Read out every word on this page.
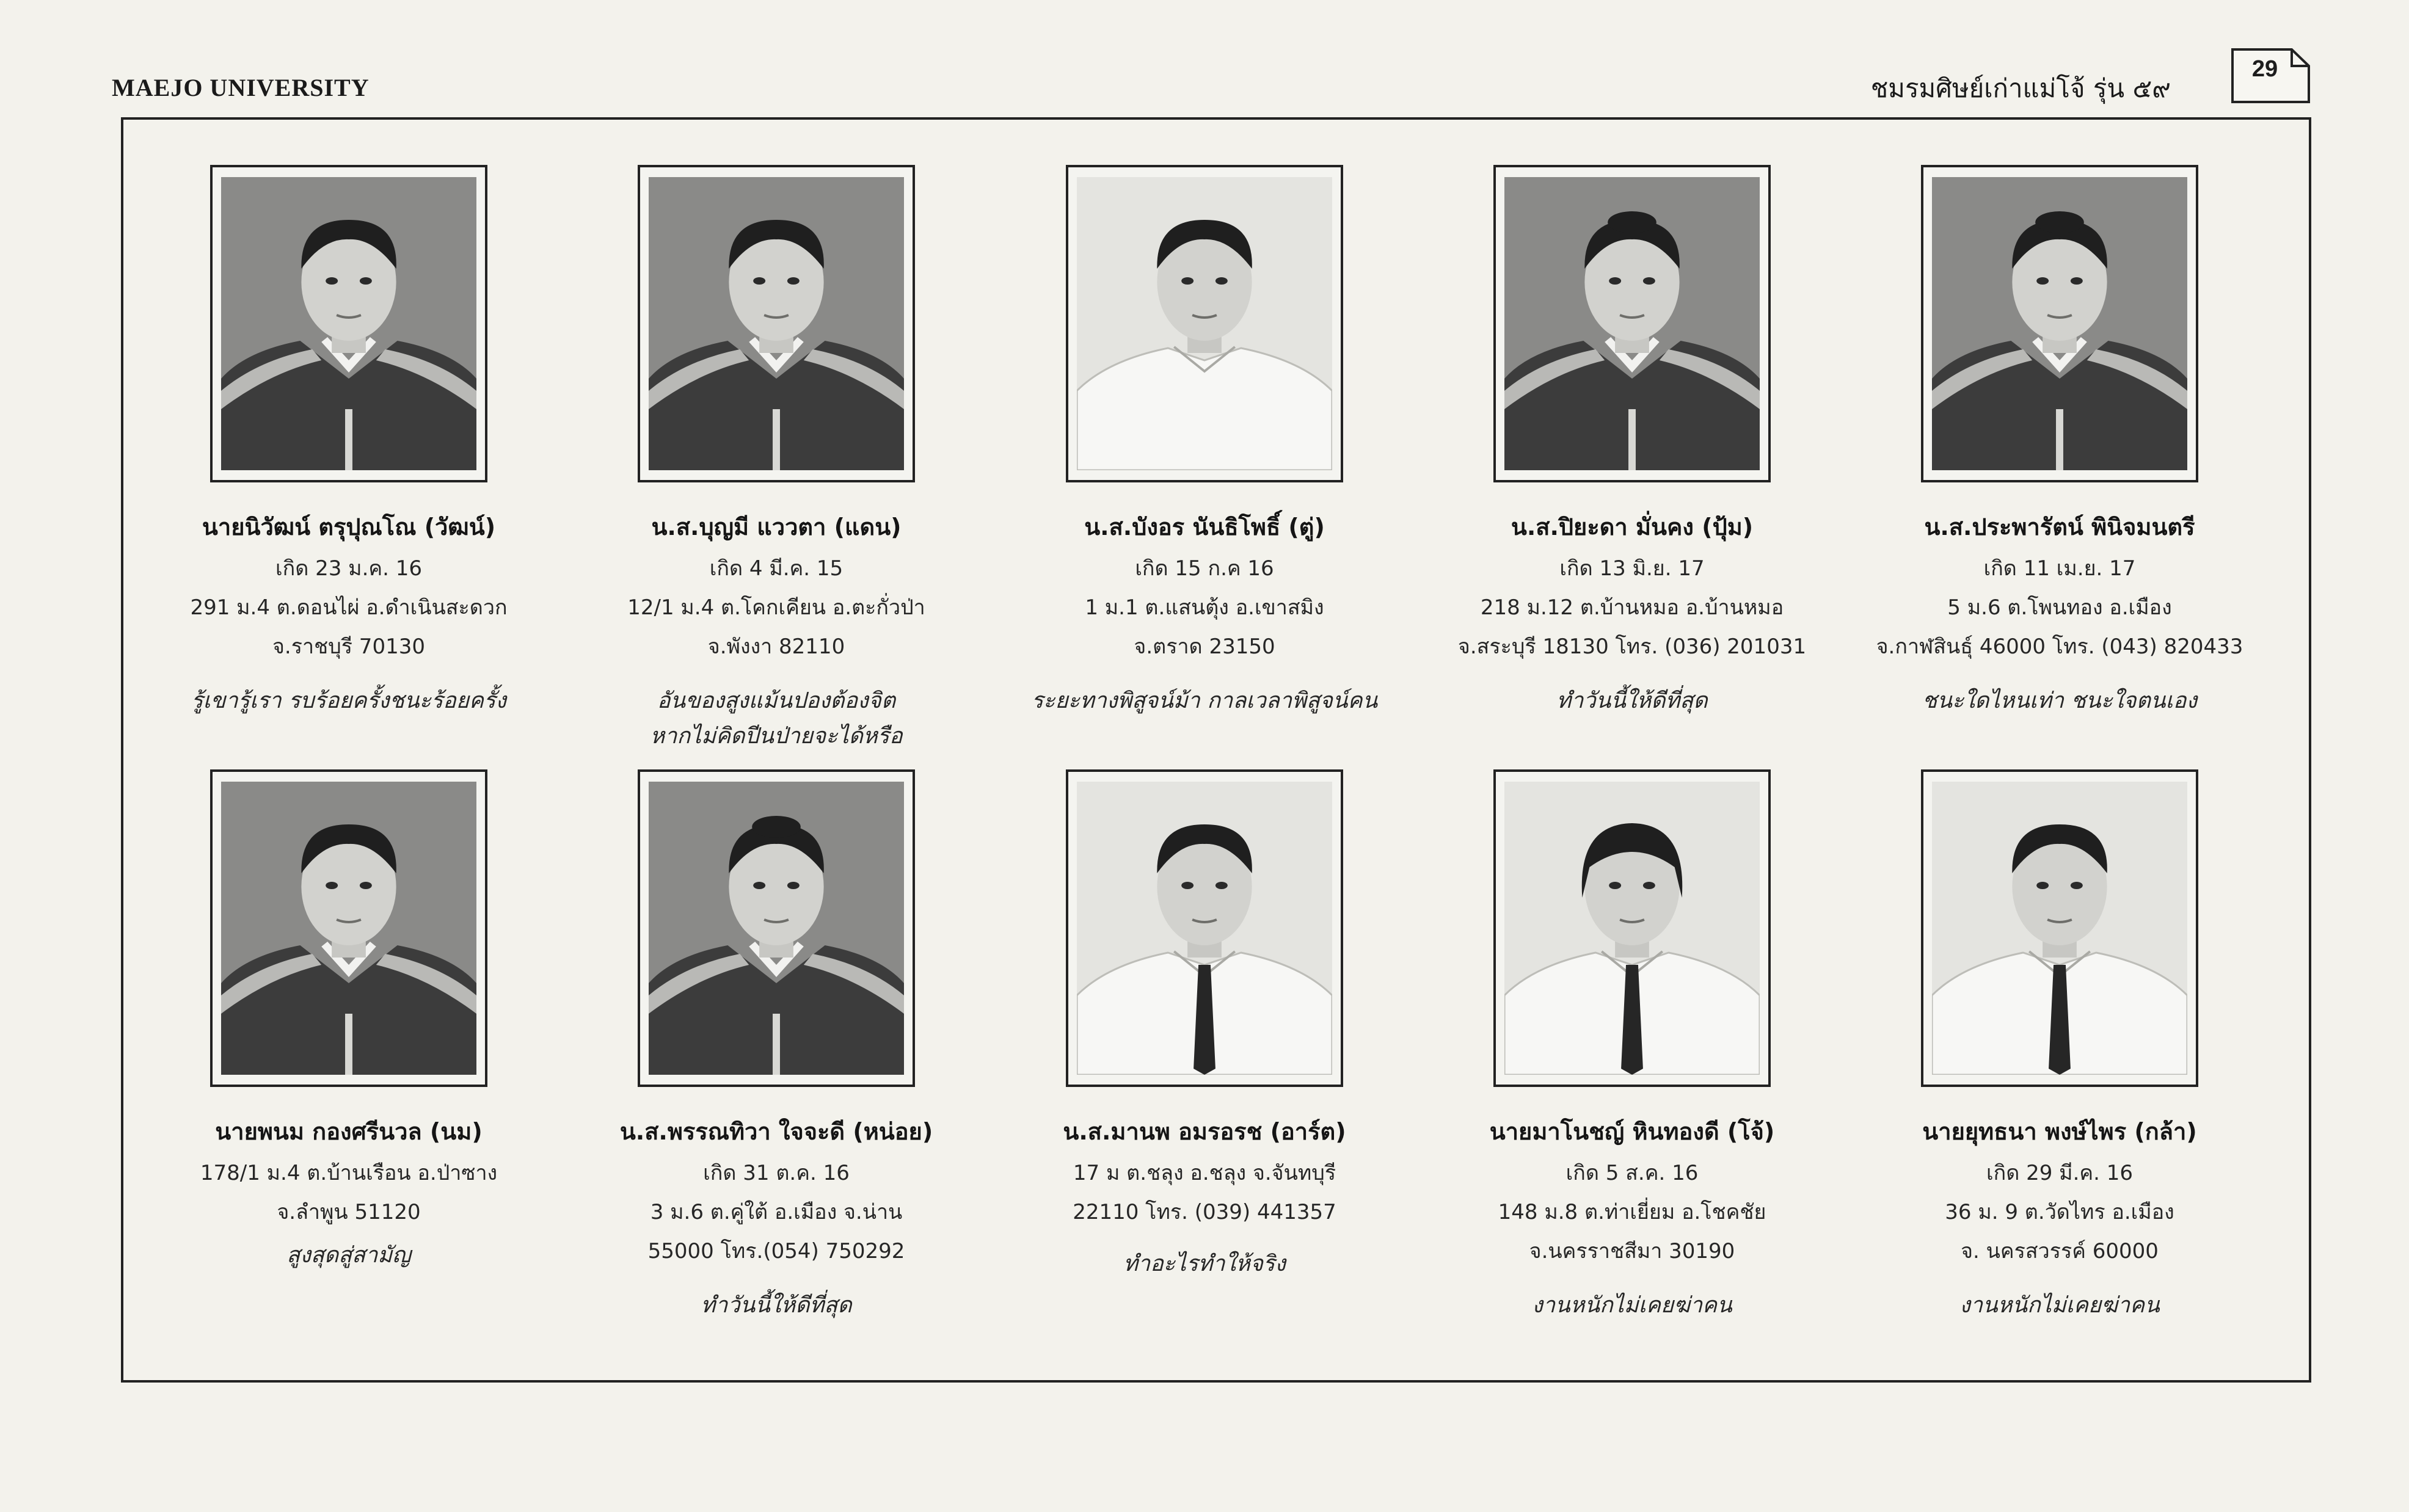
MAEJO UNIVERSITY	ชมรมศิษย์เก่าแม่โจ้ รุ่น ๕๙
29
นายนิวัฒน์ ตรุปุณโณ (วัฒน์)
เกิด 23 ม.ค. 16
291 ม.4 ต.ดอนไผ่ อ.ดำเนินสะดวก
จ.ราชบุรี 70130
รู้เขารู้เรา รบร้อยครั้งชนะร้อยครั้ง
น.ส.บุญมี แววตา (แดน)
เกิด 4 มี.ค. 15
12/1 ม.4 ต.โคกเคียน อ.ตะกั่วป่า
จ.พังงา 82110
อันของสูงแม้นปองต้องจิต
หากไม่คิดปีนป่ายจะได้หรือ
น.ส.บังอร นันธิโพธิ์ (ตู่)
เกิด 15 ก.ค 16
1 ม.1 ต.แสนตุ้ง อ.เขาสมิง
จ.ตราด 23150
ระยะทางพิสูจน์ม้า กาลเวลาพิสูจน์คน
น.ส.ปิยะดา มั่นคง (ปุ้ม)
เกิด 13 มิ.ย. 17
218 ม.12 ต.บ้านหมอ อ.บ้านหมอ
จ.สระบุรี 18130 โทร. (036) 201031
ทำวันนี้ให้ดีที่สุด
น.ส.ประพารัตน์ พินิจมนตรี
เกิด 11 เม.ย. 17
5 ม.6 ต.โพนทอง อ.เมือง
จ.กาฬสินธุ์ 46000 โทร. (043) 820433
ชนะใดไหนเท่า ชนะใจตนเอง
นายพนม กองศรีนวล (นม)
178/1 ม.4 ต.บ้านเรือน อ.ป่าซาง
จ.ลำพูน 51120
สูงสุดสู่สามัญ
น.ส.พรรณทิวา ใจจะดี (หน่อย)
เกิด 31 ต.ค. 16
3 ม.6 ต.คู่ใต้ อ.เมือง จ.น่าน
55000 โทร.(054) 750292
ทำวันนี้ให้ดีที่สุด
น.ส.มานพ อมรอรช (อาร์ต)
17 ม ต.ชลุง อ.ชลุง จ.จันทบุรี
22110 โทร. (039) 441357
ทำอะไรทำให้จริง
นายมาโนชญ์ หินทองดี (โจ้)
เกิด 5 ส.ค. 16
148 ม.8 ต.ท่าเยี่ยม อ.โชคชัย
จ.นครราชสีมา 30190
งานหนักไม่เคยฆ่าคน
นายยุทธนา พงษ์ไพร (กล้า)
เกิด 29 มี.ค. 16
36 ม. 9 ต.วัดไทร อ.เมือง
จ. นครสวรรค์ 60000
งานหนักไม่เคยฆ่าคน
